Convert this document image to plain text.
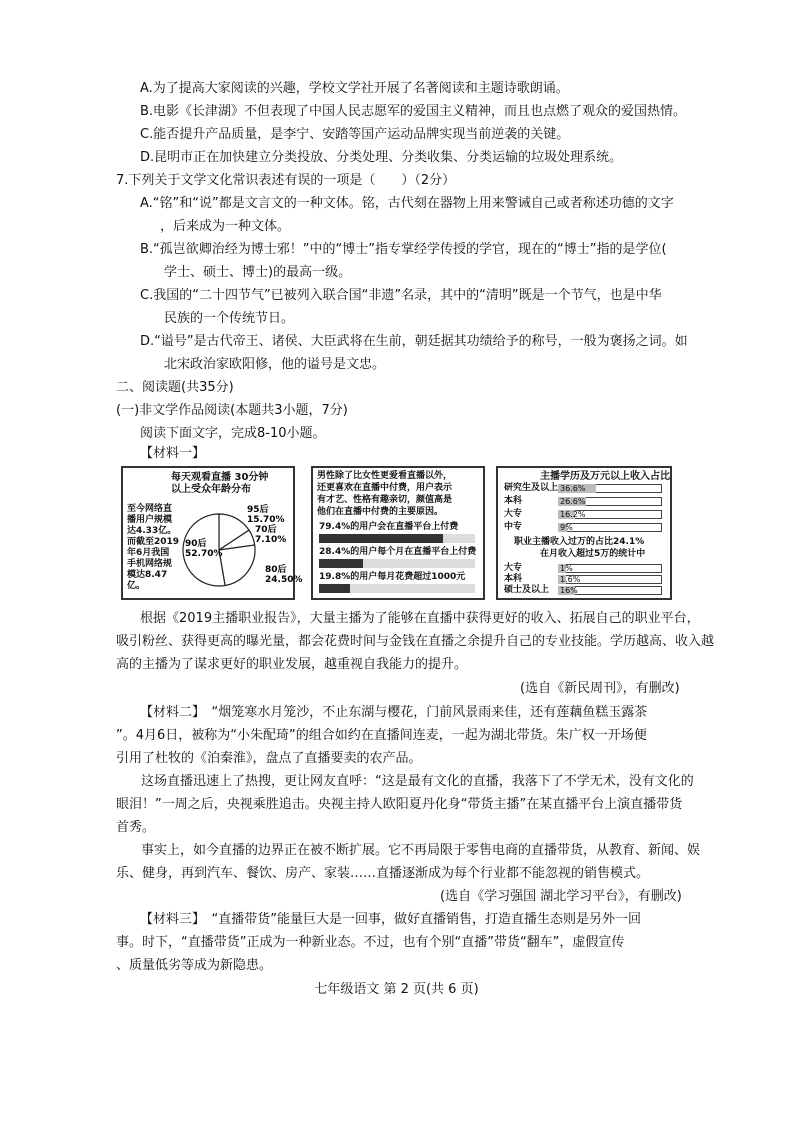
A.为了提高大家阅读的兴趣，学校文学社开展了名著阅读和主题诗歌朗诵。
B.电影《长津湖》不但表现了中国人民志愿军的爱国主义精神，而且也点燃了观众的爱国热情。
C.能否提升产品质量，是李宁、安踏等国产运动品牌实现当前逆袭的关键。
D.昆明市正在加快建立分类投放、分类处理、分类收集、分类运输的垃圾处理系统。
7.下列关于文学文化常识表述有误的一项是（　　）（2分）
A.“铭”和“说”都是文言文的一种文体。铭，古代刻在器物上用来警诫自己或者称述功德的文字
，后来成为一种文体。
B.“孤岂欲卿治经为博士邪！”中的“博士”指专掌经学传授的学官，现在的“博士”指的是学位(
学士、硕士、博士)的最高一级。
C.我国的“二十四节气”已被列入联合国“非遗”名录，其中的“清明”既是一个节气，也是中华
民族的一个传统节日。
D.“谥号”是古代帝王、诸侯、大臣武将在生前，朝廷据其功绩给予的称号，一般为褒扬之词。如
北宋政治家欧阳修，他的谥号是文忠。
二、阅读题(共35分)
(一)非文学作品阅读(本题共3小题，7分)
阅读下面文字，完成8-10小题。
【材料一】
每天观看直播 30分钟
以上受众年龄分布
至今网络直
播用户规模
达4.33亿。
而截至2019
年6月我国
手机网络规
模达8.47
亿。
95后
15.70%
70后
7.10%
80后
24.50%
90后
52.70%
男性除了比女性更爱看直播以外，
还更喜欢在直播中付费，用户表示
有才艺、性格有趣亲切，颜值高是
他们在直播中付费的主要原因。
79.4%的用户会在直播平台上付费
28.4%的用户每个月在直播平台上付费
19.8%的用户每月花费超过1000元
主播学历及万元以上收入占比
研究生及以上 36.6%
本科	26.6%
大专	16.2%
中专	9%
职业主播收入过万的占比24.1%
在月收入超过5万的统计中
大专	1%
本科	1.6%
硕士及以上 16%
根据《2019主播职业报告》，大量主播为了能够在直播中获得更好的收入、拓展自己的职业平台，
吸引粉丝、获得更高的曝光量，都会花费时间与金钱在直播之余提升自己的专业技能。学历越高、收入越
高的主播为了谋求更好的职业发展，越重视自我能力的提升。
(选自《新民周刊》，有删改)
【材料二】　“烟笼寒水月笼沙，不止东湖与樱花，门前风景雨来佳，还有莲藕鱼糕玉露茶
”。4月6日，被称为“小朱配琦”的组合如约在直播间连麦，一起为湖北带货。朱广权一开场便
引用了杜牧的《泊秦淮》，盘点了直播要卖的农产品。
　这场直播迅速上了热搜，更让网友直呼：“这是最有文化的直播，我落下了不学无术，没有文化的
眼泪！”一周之后，央视乘胜追击。央视主持人欧阳夏丹化身“带货主播”在某直播平台上演直播带货
首秀。
　事实上，如今直播的边界正在被不断扩展。它不再局限于零售电商的直播带货，从教育、新闻、娱
乐、健身，再到汽车、餐饮、房产、家装……直播逐渐成为每个行业都不能忽视的销售模式。
(选自《学习强国 湖北学习平台》，有删改)
【材料三】　“直播带货”能量巨大是一回事，做好直播销售，打造直播生态则是另外一回
事。时下，“直播带货”正成为一种新业态。不过，也有个别“直播”带货“翻车”，虚假宣传
、质量低劣等成为新隐患。
七年级语文 第 2 页(共 6 页)
